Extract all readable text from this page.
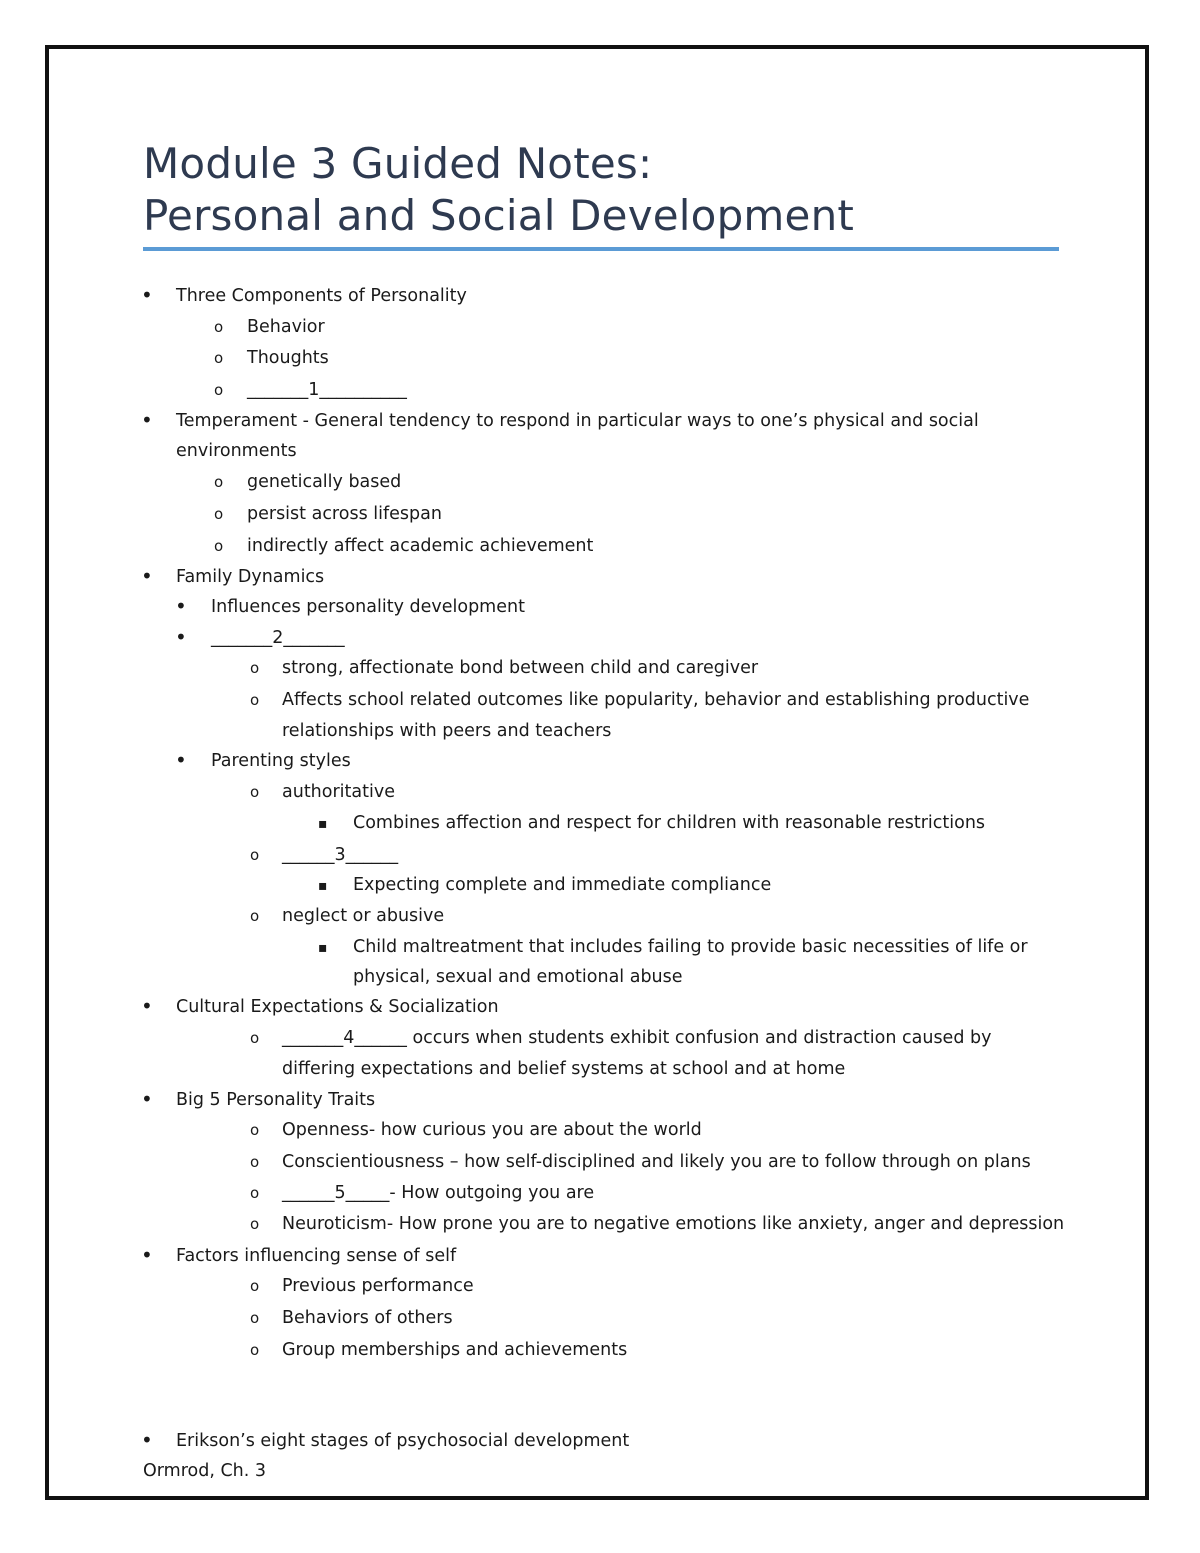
Module 3 Guided Notes:
Personal and Social Development
•
Three Components of Personality
o
Behavior
o
Thoughts
o
_______1__________
•
Temperament - General tendency to respond in particular ways to one’s physical and social
environments
o
genetically based
o
persist across lifespan
o
indirectly affect academic achievement
•
Family Dynamics
•
Influences personality development
•
_______2_______
o
strong, affectionate bond between child and caregiver
o
Affects school related outcomes like popularity, behavior and establishing productive
relationships with peers and teachers
•
Parenting styles
o
authoritative
▪
Combines affection and respect for children with reasonable restrictions
o
______3______
▪
Expecting complete and immediate compliance
o
neglect or abusive
▪
Child maltreatment that includes failing to provide basic necessities of life or
physical, sexual and emotional abuse
•
Cultural Expectations & Socialization
o
_______4______ occurs when students exhibit confusion and distraction caused by
differing expectations and belief systems at school and at home
•
Big 5 Personality Traits
o
Openness- how curious you are about the world
o
Conscientiousness – how self-disciplined and likely you are to follow through on plans
o
______5_____- How outgoing you are
o
Neuroticism- How prone you are to negative emotions like anxiety, anger and depression
•
Factors influencing sense of self
o
Previous performance
o
Behaviors of others
o
Group memberships and achievements
•
Erikson’s eight stages of psychosocial development
Ormrod, Ch. 3
